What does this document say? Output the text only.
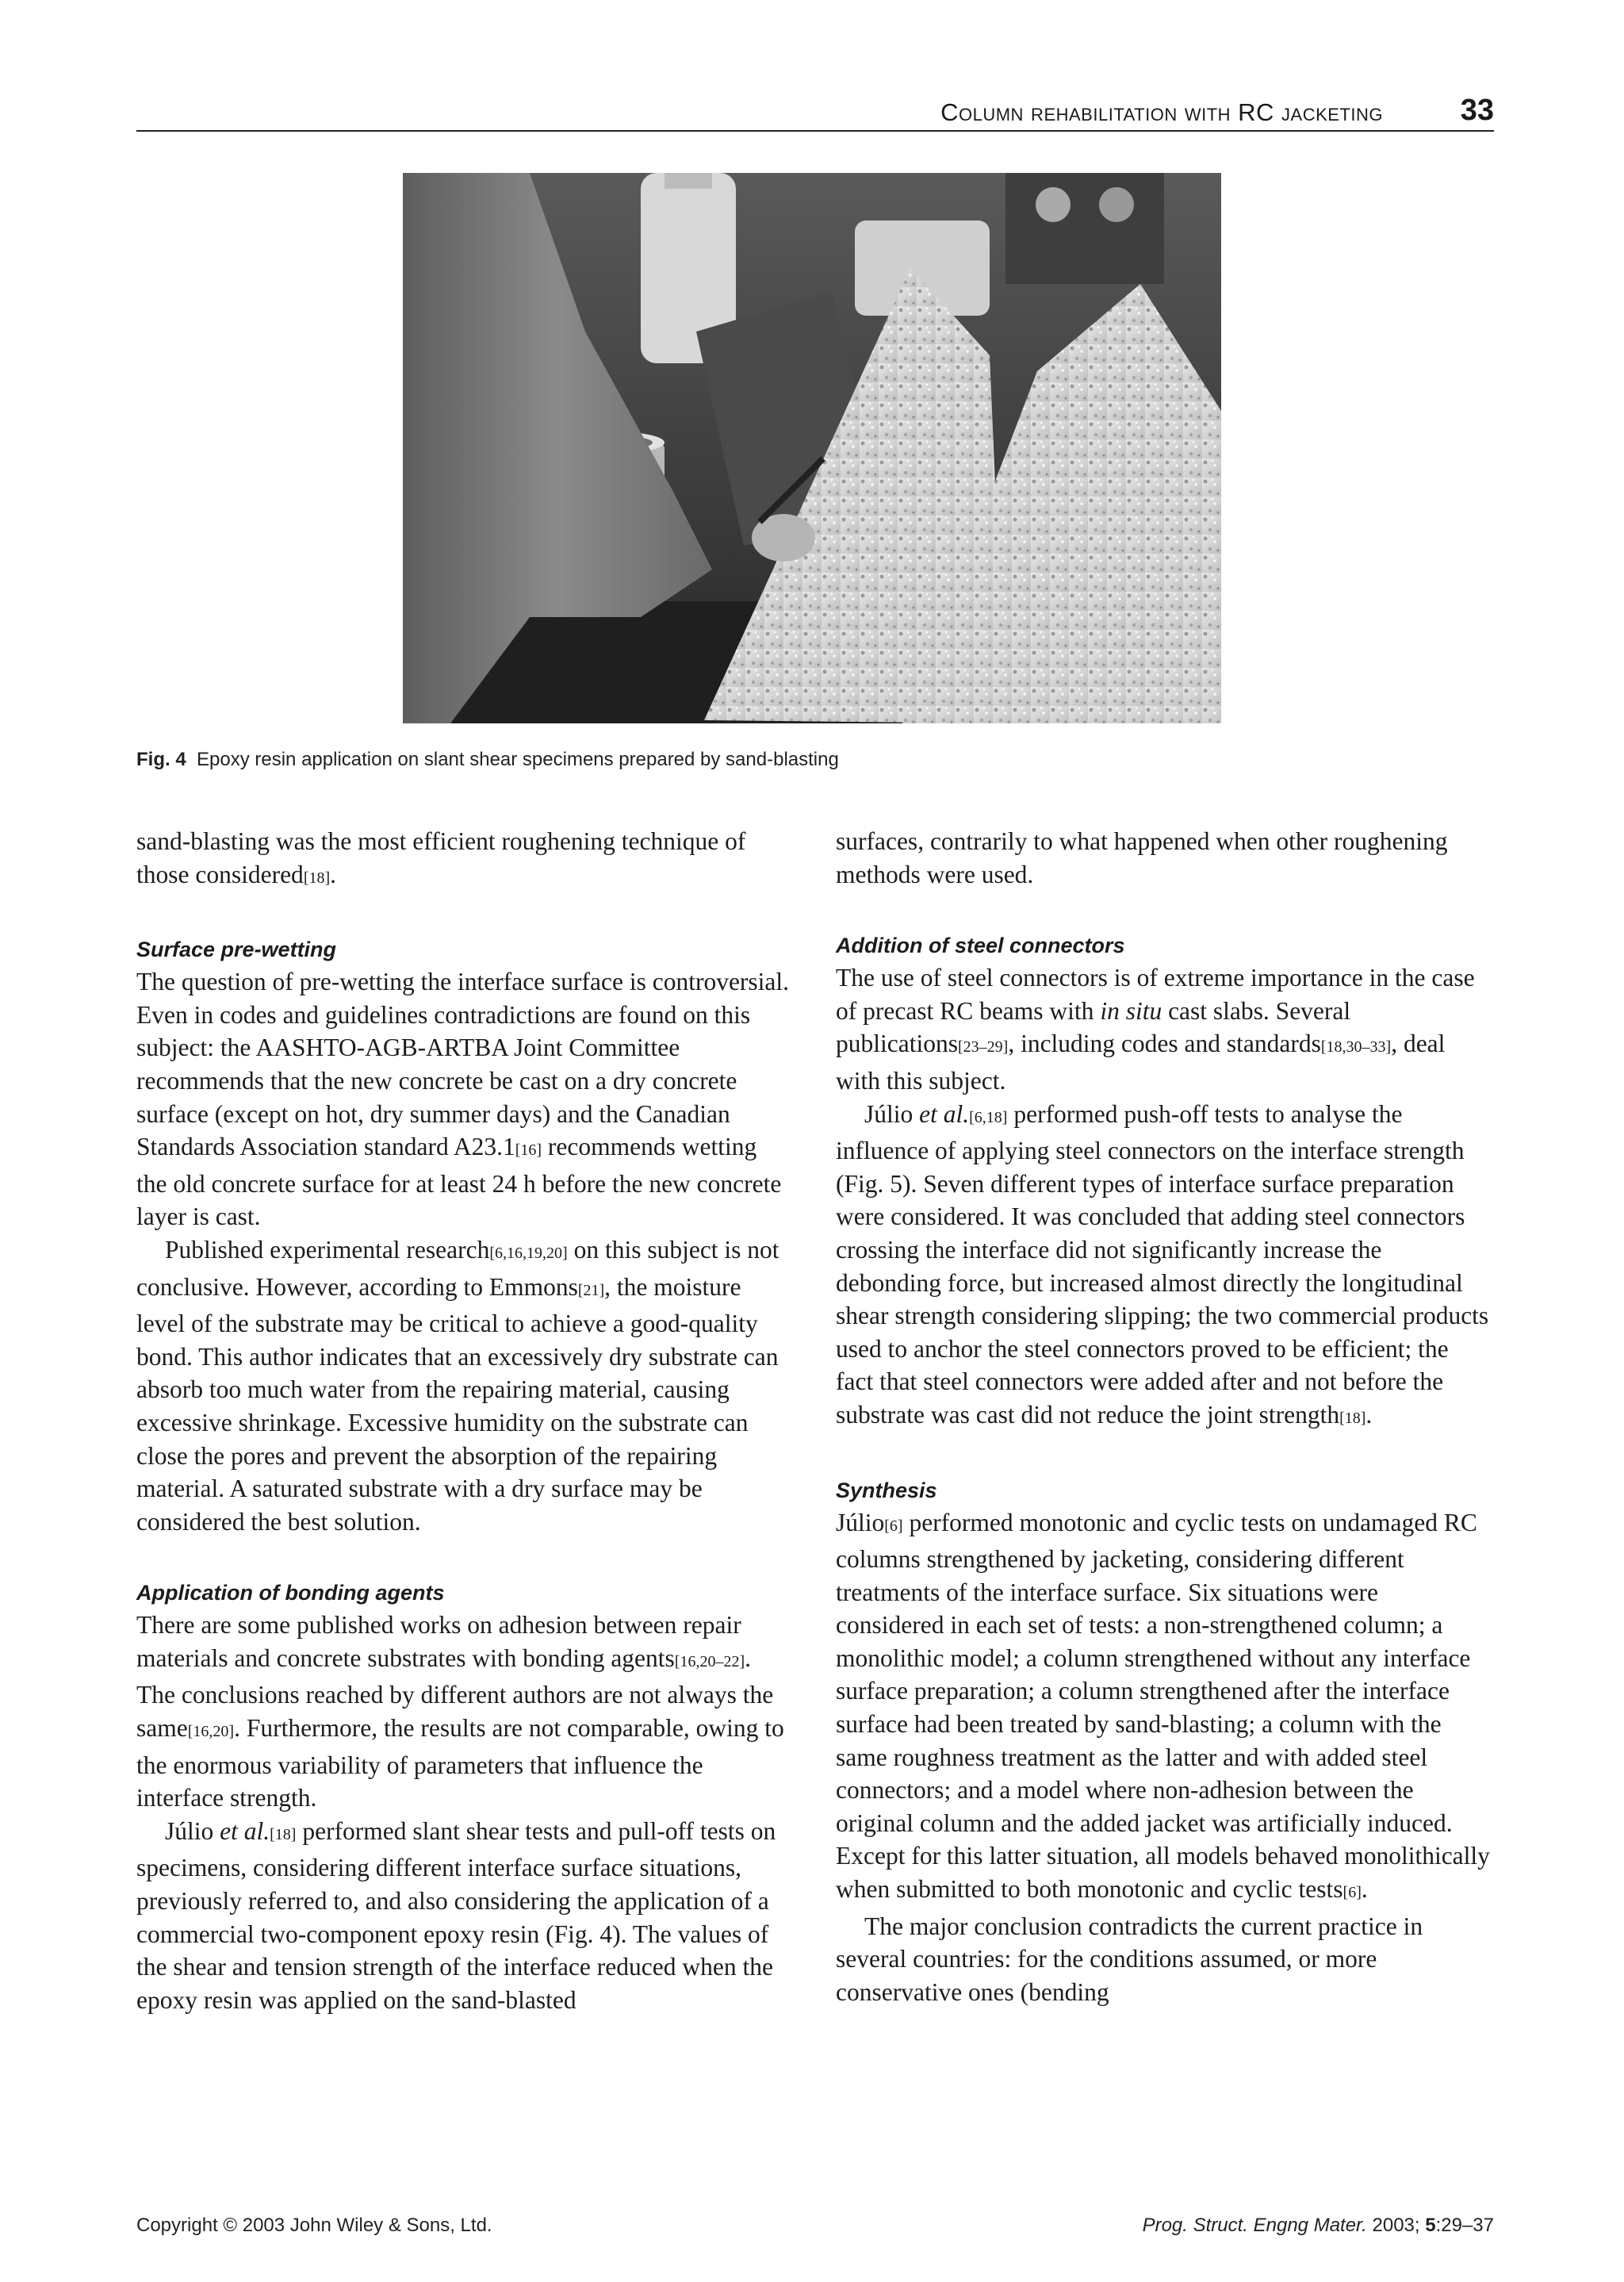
Column rehabilitation with RC jacketing	33
Fig. 4 Epoxy resin application on slant shear specimens prepared by sand-blasting

sand-blasting was the most efficient roughening technique of those considered[18].

Surface pre-wetting

The question of pre-wetting the interface surface is controversial. Even in codes and guidelines contradictions are found on this subject: the AASHTO-AGB-ARTBA Joint Committee recommends that the new concrete be cast on a dry concrete surface (except on hot, dry summer days) and the Canadian Standards Association standard A23.1[16] recommends wetting the old concrete surface for at least 24 h before the new concrete layer is cast.

Published experimental research[6,16,19,20] on this subject is not conclusive. However, according to Emmons[21], the moisture level of the substrate may be critical to achieve a good-quality bond. This author indicates that an excessively dry substrate can absorb too much water from the repairing material, causing excessive shrinkage. Excessive humidity on the substrate can close the pores and prevent the absorption of the repairing material. A saturated substrate with a dry surface may be considered the best solution.

Application of bonding agents

There are some published works on adhesion between repair materials and concrete substrates with bonding agents[16,20–22]. The conclusions reached by different authors are not always the same[16,20]. Furthermore, the results are not comparable, owing to the enormous variability of parameters that influence the interface strength.

Júlio et al.[18] performed slant shear tests and pull-off tests on specimens, considering different interface surface situations, previously referred to, and also considering the application of a commercial two-component epoxy resin (Fig. 4). The values of the shear and tension strength of the interface reduced when the epoxy resin was applied on the sand-blasted

surfaces, contrarily to what happened when other roughening methods were used.

Addition of steel connectors

The use of steel connectors is of extreme importance in the case of precast RC beams with in situ cast slabs. Several publications[23–29], including codes and standards[18,30–33], deal with this subject.

Júlio et al.[6,18] performed push-off tests to analyse the influence of applying steel connectors on the interface strength (Fig. 5). Seven different types of interface surface preparation were considered. It was concluded that adding steel connectors crossing the interface did not significantly increase the debonding force, but increased almost directly the longitudinal shear strength considering slipping; the two commercial products used to anchor the steel connectors proved to be efficient; the fact that steel connectors were added after and not before the substrate was cast did not reduce the joint strength[18].

Synthesis

Júlio[6] performed monotonic and cyclic tests on undamaged RC columns strengthened by jacketing, considering different treatments of the interface surface. Six situations were considered in each set of tests: a non-strengthened column; a monolithic model; a column strengthened without any interface surface preparation; a column strengthened after the interface surface had been treated by sand-blasting; a column with the same roughness treatment as the latter and with added steel connectors; and a model where non-adhesion between the original column and the added jacket was artificially induced. Except for this latter situation, all models behaved monolithically when submitted to both monotonic and cyclic tests[6].

The major conclusion contradicts the current practice in several countries: for the conditions assumed, or more conservative ones (bending

Copyright © 2003 John Wiley & Sons, Ltd.	Prog. Struct. Engng Mater. 2003; 5:29–37
